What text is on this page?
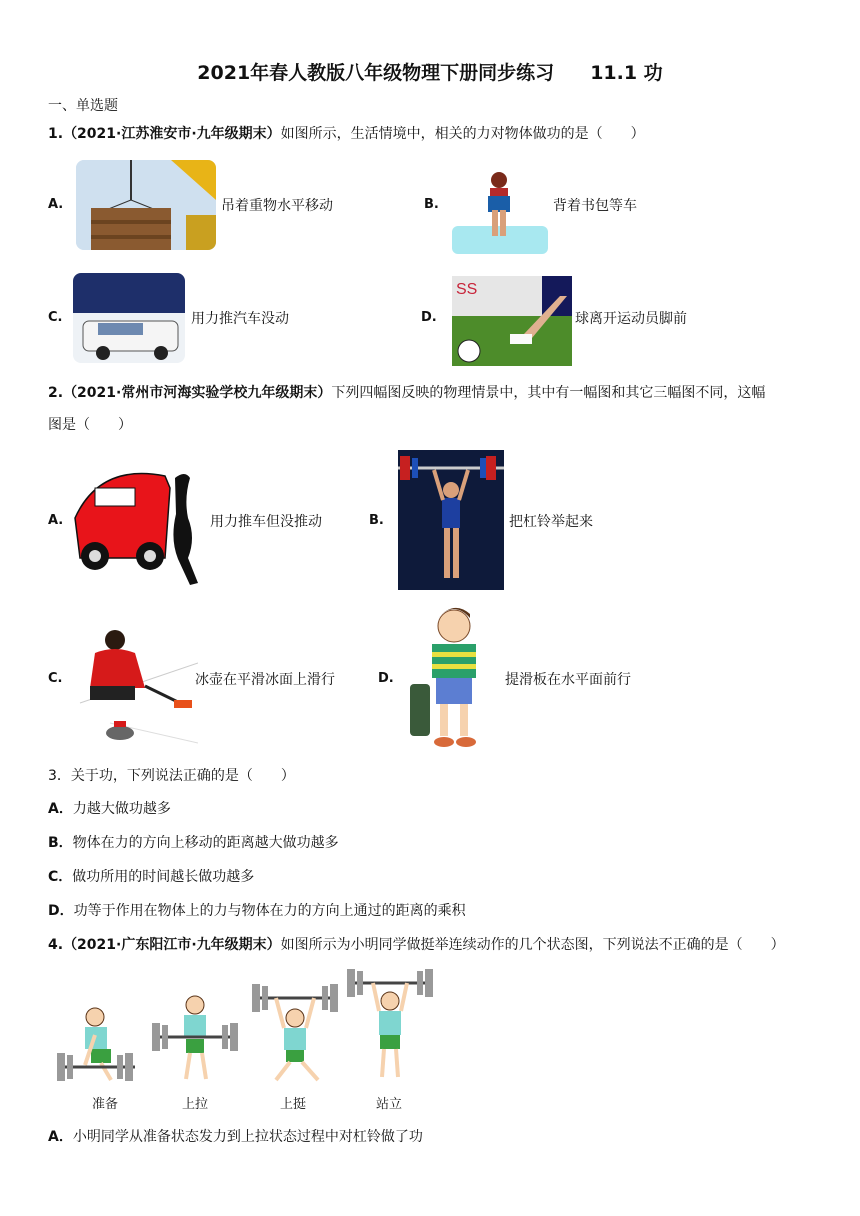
2021年春人教版八年级物理下册同步练习 11.1 功
一、单选题
1.（2021·江苏淮安市·九年级期末）如图所示，生活情境中，相关的力对物体做功的是（　　）
A.	吊着重物水平移动	B.	背着书包等车
C.	用力推汽车没动	D.
SS
球离开运动员脚前
2.（2021·常州市河海实验学校九年级期末）下列四幅图反映的物理情景中，其中有一幅图和其它三幅图不同，这幅
图是（　　）
A.	用力推车但没推动	B.	把杠铃举起来
C.	冰壶在平滑冰面上滑行	D.	提滑板在水平面前行
3．关于功，下列说法正确的是（　　）
A．力越大做功越多
B．物体在力的方向上移动的距离越大做功越多
C．做功所用的时间越长做功越多
D．功等于作用在物体上的力与物体在力的方向上通过的距离的乘积
4.（2021·广东阳江市·九年级期末）如图所示为小明同学做挺举连续动作的几个状态图，下列说法不正确的是（　　）
准备	上拉	上挺	站立
A．小明同学从准备状态发力到上拉状态过程中对杠铃做了功
